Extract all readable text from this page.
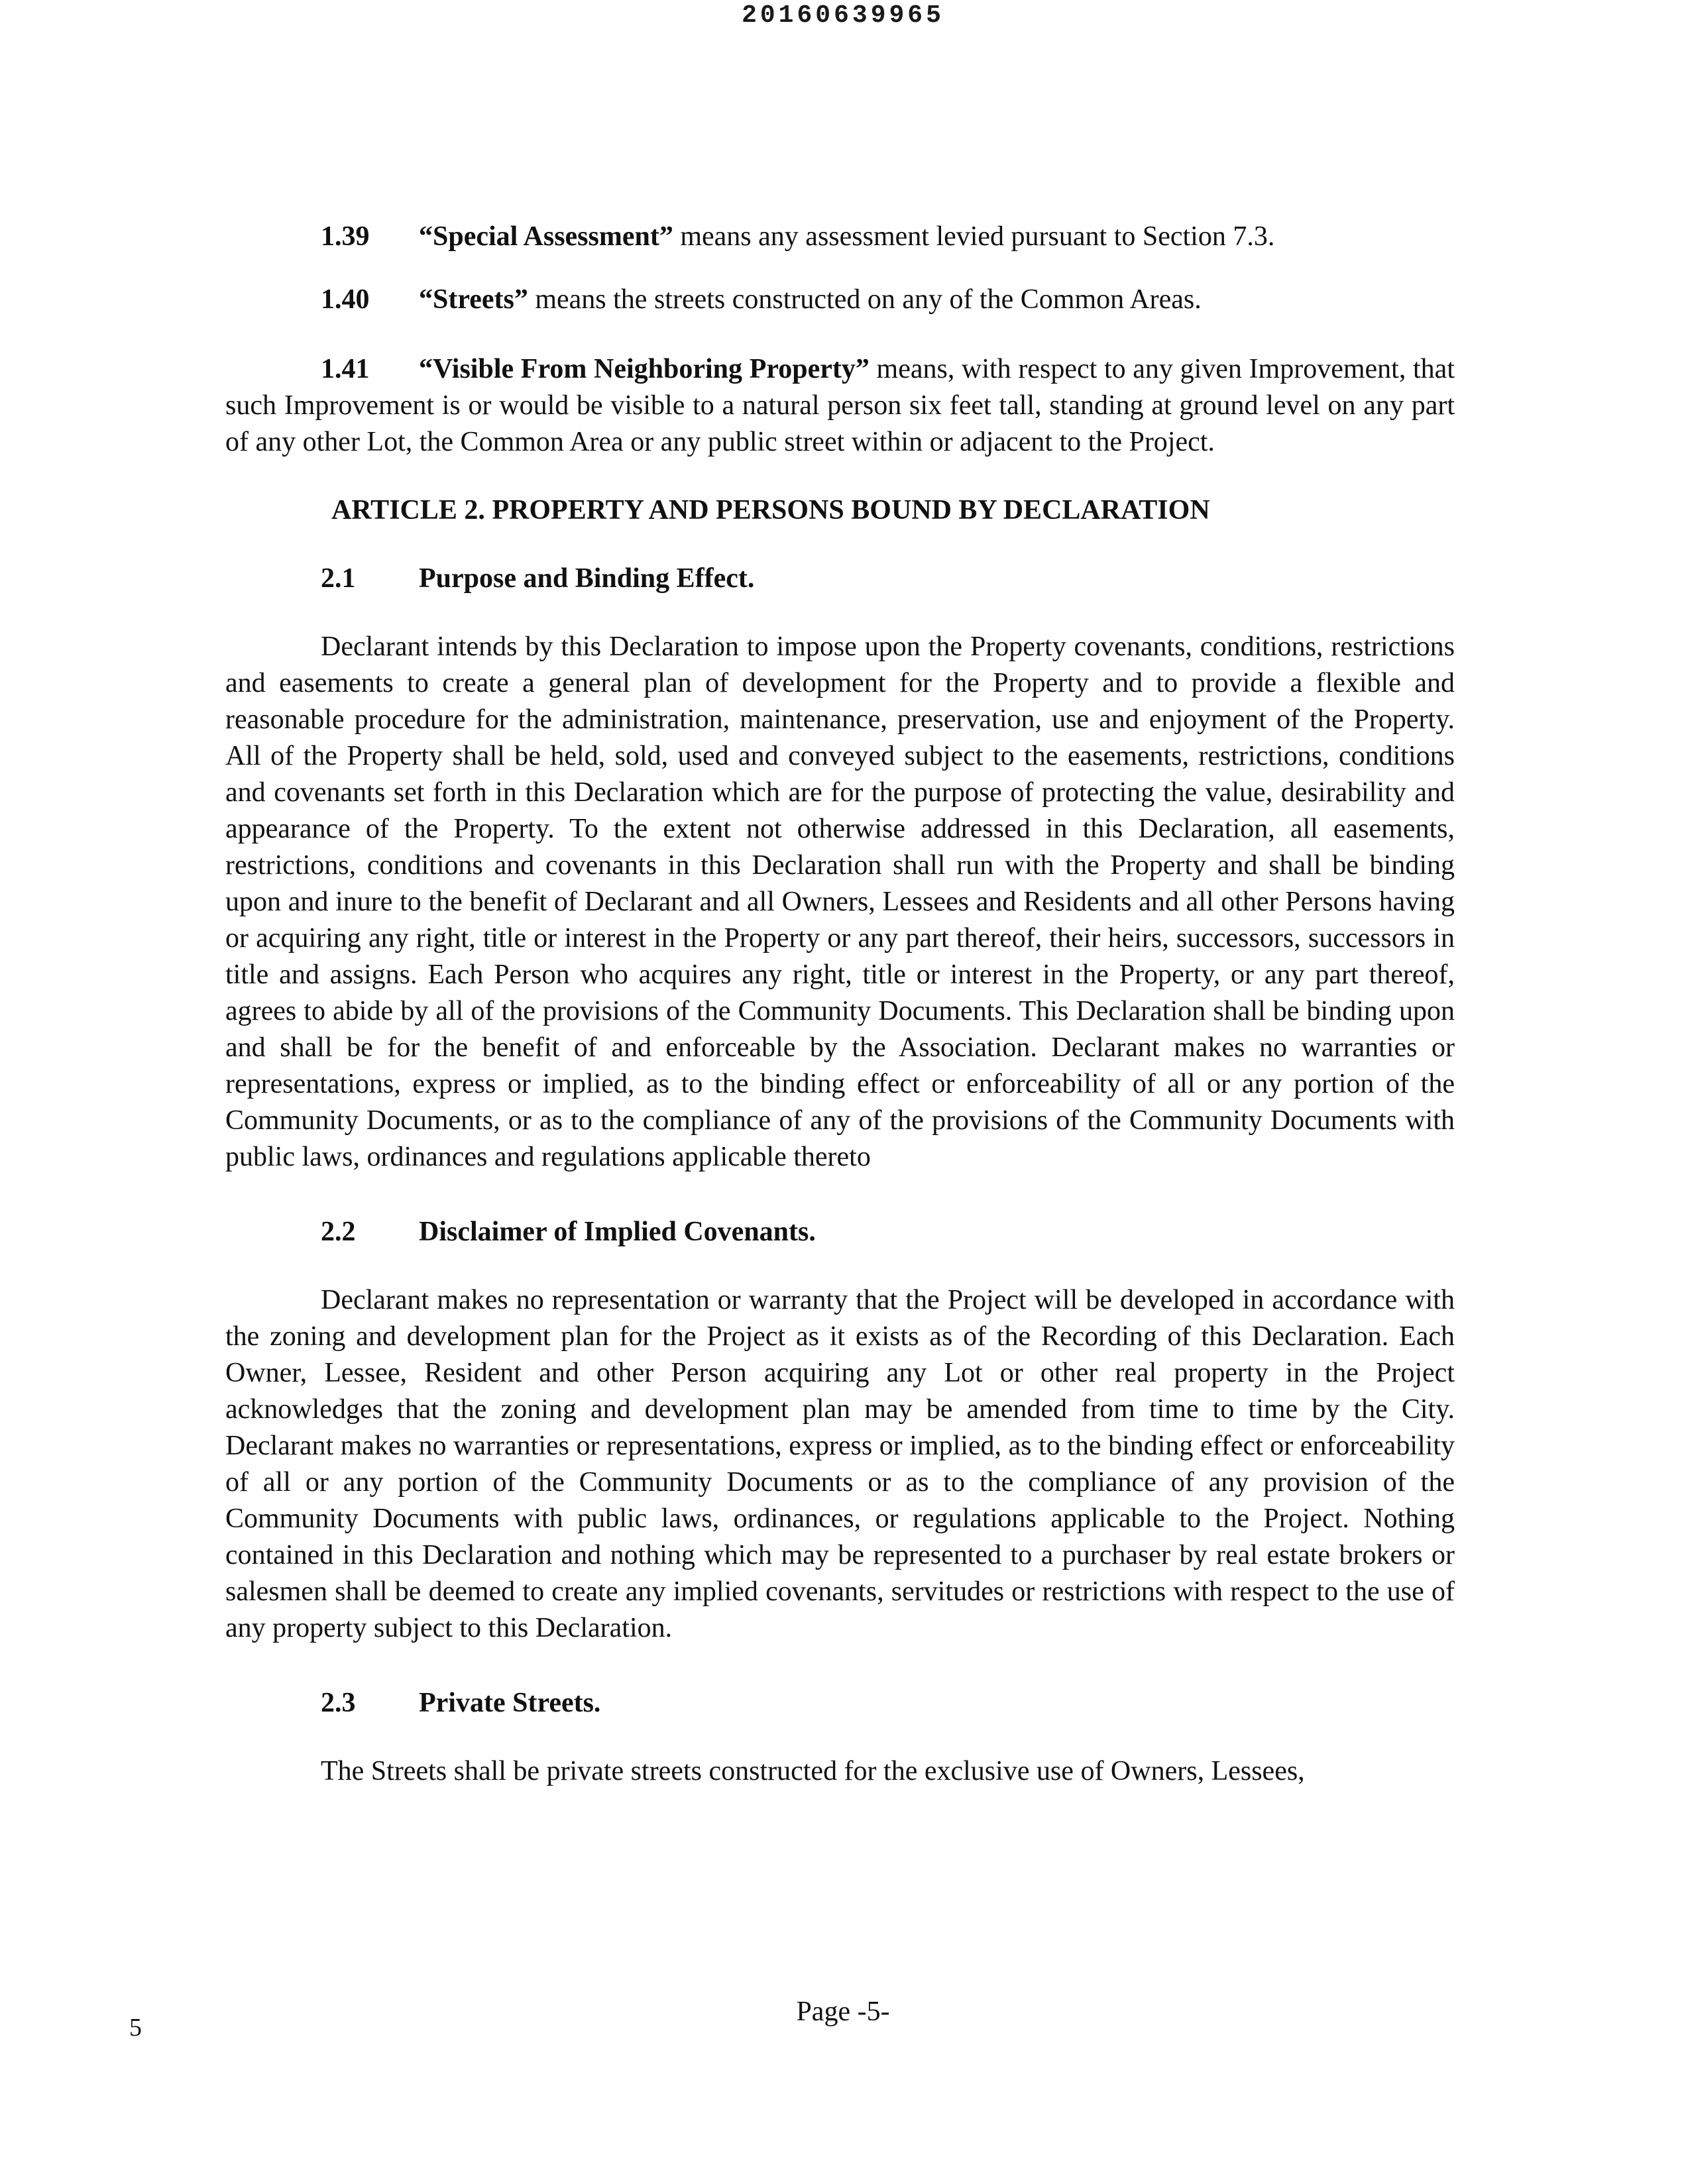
20160639965

1.39 “Special Assessment” means any assessment levied pursuant to Section 7.3.

1.40 “Streets” means the streets constructed on any of the Common Areas.

1.41 “Visible From Neighboring Property” means, with respect to any given Improvement, that such Improvement is or would be visible to a natural person six feet tall, standing at ground level on any part of any other Lot, the Common Area or any public street within or adjacent to the Project.

ARTICLE 2. PROPERTY AND PERSONS BOUND BY DECLARATION
2.1 Purpose and Binding Effect.

Declarant intends by this Declaration to impose upon the Property covenants, conditions, restrictions and easements to create a general plan of development for the Property and to provide a flexible and reasonable procedure for the administration, maintenance, preservation, use and enjoyment of the Property. All of the Property shall be held, sold, used and conveyed subject to the easements, restrictions, conditions and covenants set forth in this Declaration which are for the purpose of protecting the value, desirability and appearance of the Property. To the extent not otherwise addressed in this Declaration, all easements, restrictions, conditions and covenants in this Declaration shall run with the Property and shall be binding upon and inure to the benefit of Declarant and all Owners, Lessees and Residents and all other Persons having or acquiring any right, title or interest in the Property or any part thereof, their heirs, successors, successors in title and assigns. Each Person who acquires any right, title or interest in the Property, or any part thereof, agrees to abide by all of the provisions of the Community Documents. This Declaration shall be binding upon and shall be for the benefit of and enforceable by the Association. Declarant makes no warranties or representations, express or implied, as to the binding effect or enforceability of all or any portion of the Community Documents, or as to the compliance of any of the provisions of the Community Documents with public laws, ordinances and regulations applicable thereto

2.2 Disclaimer of Implied Covenants.

Declarant makes no representation or warranty that the Project will be developed in accordance with the zoning and development plan for the Project as it exists as of the Recording of this Declaration. Each Owner, Lessee, Resident and other Person acquiring any Lot or other real property in the Project acknowledges that the zoning and development plan may be amended from time to time by the City. Declarant makes no warranties or representations, express or implied, as to the binding effect or enforceability of all or any portion of the Community Documents or as to the compliance of any provision of the Community Documents with public laws, ordinances, or regulations applicable to the Project. Nothing contained in this Declaration and nothing which may be represented to a purchaser by real estate brokers or salesmen shall be deemed to create any implied covenants, servitudes or restrictions with respect to the use of any property subject to this Declaration.

2.3 Private Streets.

The Streets shall be private streets constructed for the exclusive use of Owners, Lessees,

Page -5-
5
